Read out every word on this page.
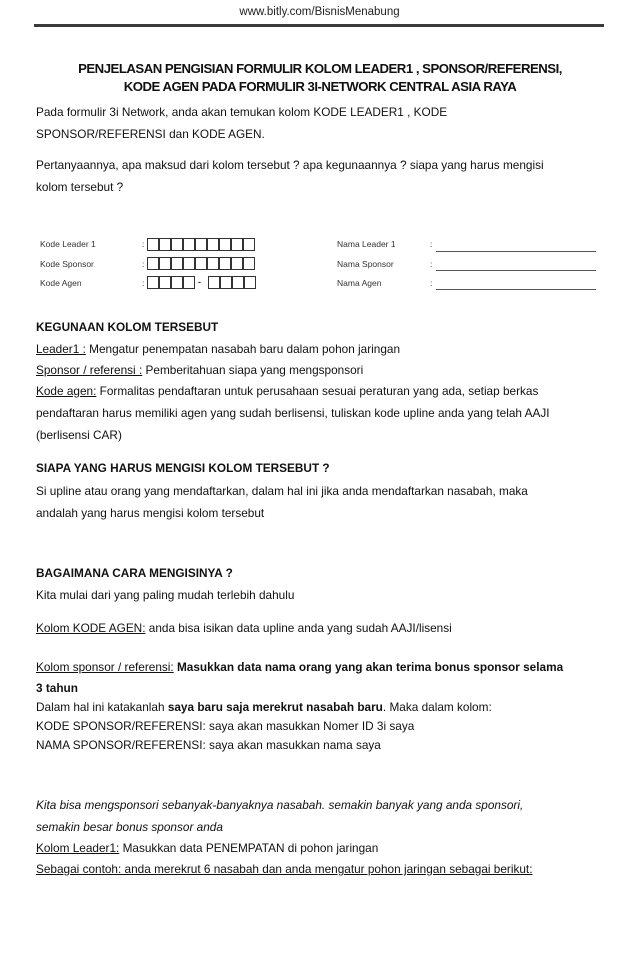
www.bitly.com/BisnisMenabung
PENJELASAN PENGISIAN FORMULIR KOLOM LEADER1 , SPONSOR/REFERENSI,
KODE AGEN PADA FORMULIR 3I-NETWORK CENTRAL ASIA RAYA
Pada formulir 3i Network, anda akan temukan kolom KODE LEADER1 , KODE
SPONSOR/REFERENSI dan KODE AGEN.
Pertanyaannya, apa maksud dari kolom tersebut ? apa kegunaannya ? siapa yang harus mengisi
kolom tersebut ?
Kode Leader 1
Kode Sponsor
Kode Agen
:
:
:	-
Nama Leader 1
Nama Sponsor
Nama Agen
:
:
:
KEGUNAAN KOLOM TERSEBUT
Leader1 : Mengatur penempatan nasabah baru dalam pohon jaringan
Sponsor / referensi : Pemberitahuan siapa yang mengsponsori
Kode agen: Formalitas pendaftaran untuk perusahaan sesuai peraturan yang ada, setiap berkas
pendaftaran harus memiliki agen yang sudah berlisensi, tuliskan kode upline anda yang telah AAJI
(berlisensi CAR)
SIAPA YANG HARUS MENGISI KOLOM TERSEBUT ?
Si upline atau orang yang mendaftarkan, dalam hal ini jika anda mendaftarkan nasabah, maka
andalah yang harus mengisi kolom tersebut
BAGAIMANA CARA MENGISINYA ?
Kita mulai dari yang paling mudah terlebih dahulu
Kolom KODE AGEN: anda bisa isikan data upline anda yang sudah AAJI/lisensi
Kolom sponsor / referensi: Masukkan data nama orang yang akan terima bonus sponsor selama
3 tahun
Dalam hal ini katakanlah saya baru saja merekrut nasabah baru. Maka dalam kolom:
KODE SPONSOR/REFERENSI: saya akan masukkan Nomer ID 3i saya
NAMA SPONSOR/REFERENSI: saya akan masukkan nama saya
Kita bisa mengsponsori sebanyak-banyaknya nasabah. semakin banyak yang anda sponsori,
semakin besar bonus sponsor anda
Kolom Leader1: Masukkan data PENEMPATAN di pohon jaringan
Sebagai contoh: anda merekrut 6 nasabah dan anda mengatur pohon jaringan sebagai berikut:
